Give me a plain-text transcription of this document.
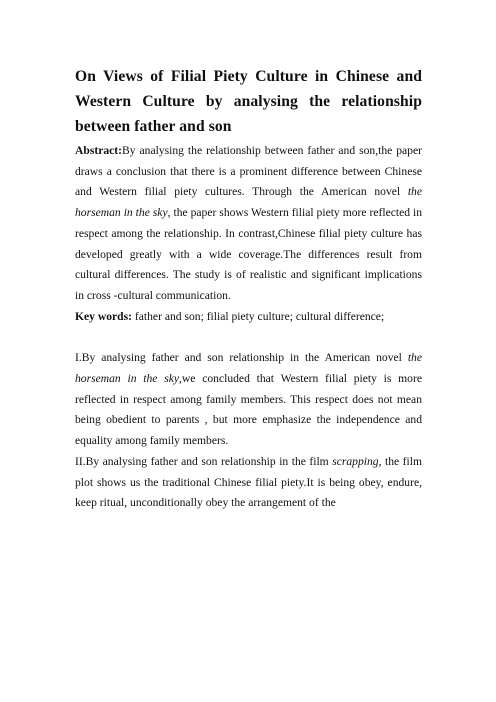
On Views of Filial Piety Culture in Chinese and Western Culture by analysing the relationship between father and son

Abstract:By analysing the relationship between father and son,the paper draws a conclusion that there is a prominent difference between Chinese and Western filial piety cultures. Through the American novel the horseman in the sky, the paper shows Western filial piety more reflected in respect among the relationship. In contrast,Chinese filial piety culture has developed greatly with a wide coverage.The differences result from cultural differences. The study is of realistic and significant implications in cross -cultural communication.

Key words: father and son; filial piety culture; cultural difference;

I.By analysing father and son relationship in the American novel the horseman in the sky,we concluded that Western filial piety is more reflected in respect among family members. This respect does not mean being obedient to parents , but more emphasize the independence and equality among family members.

II.By analysing father and son relationship in the film scrapping, the film plot shows us the traditional Chinese filial piety.It is being obey, endure, keep ritual, unconditionally obey the arrangement of the
